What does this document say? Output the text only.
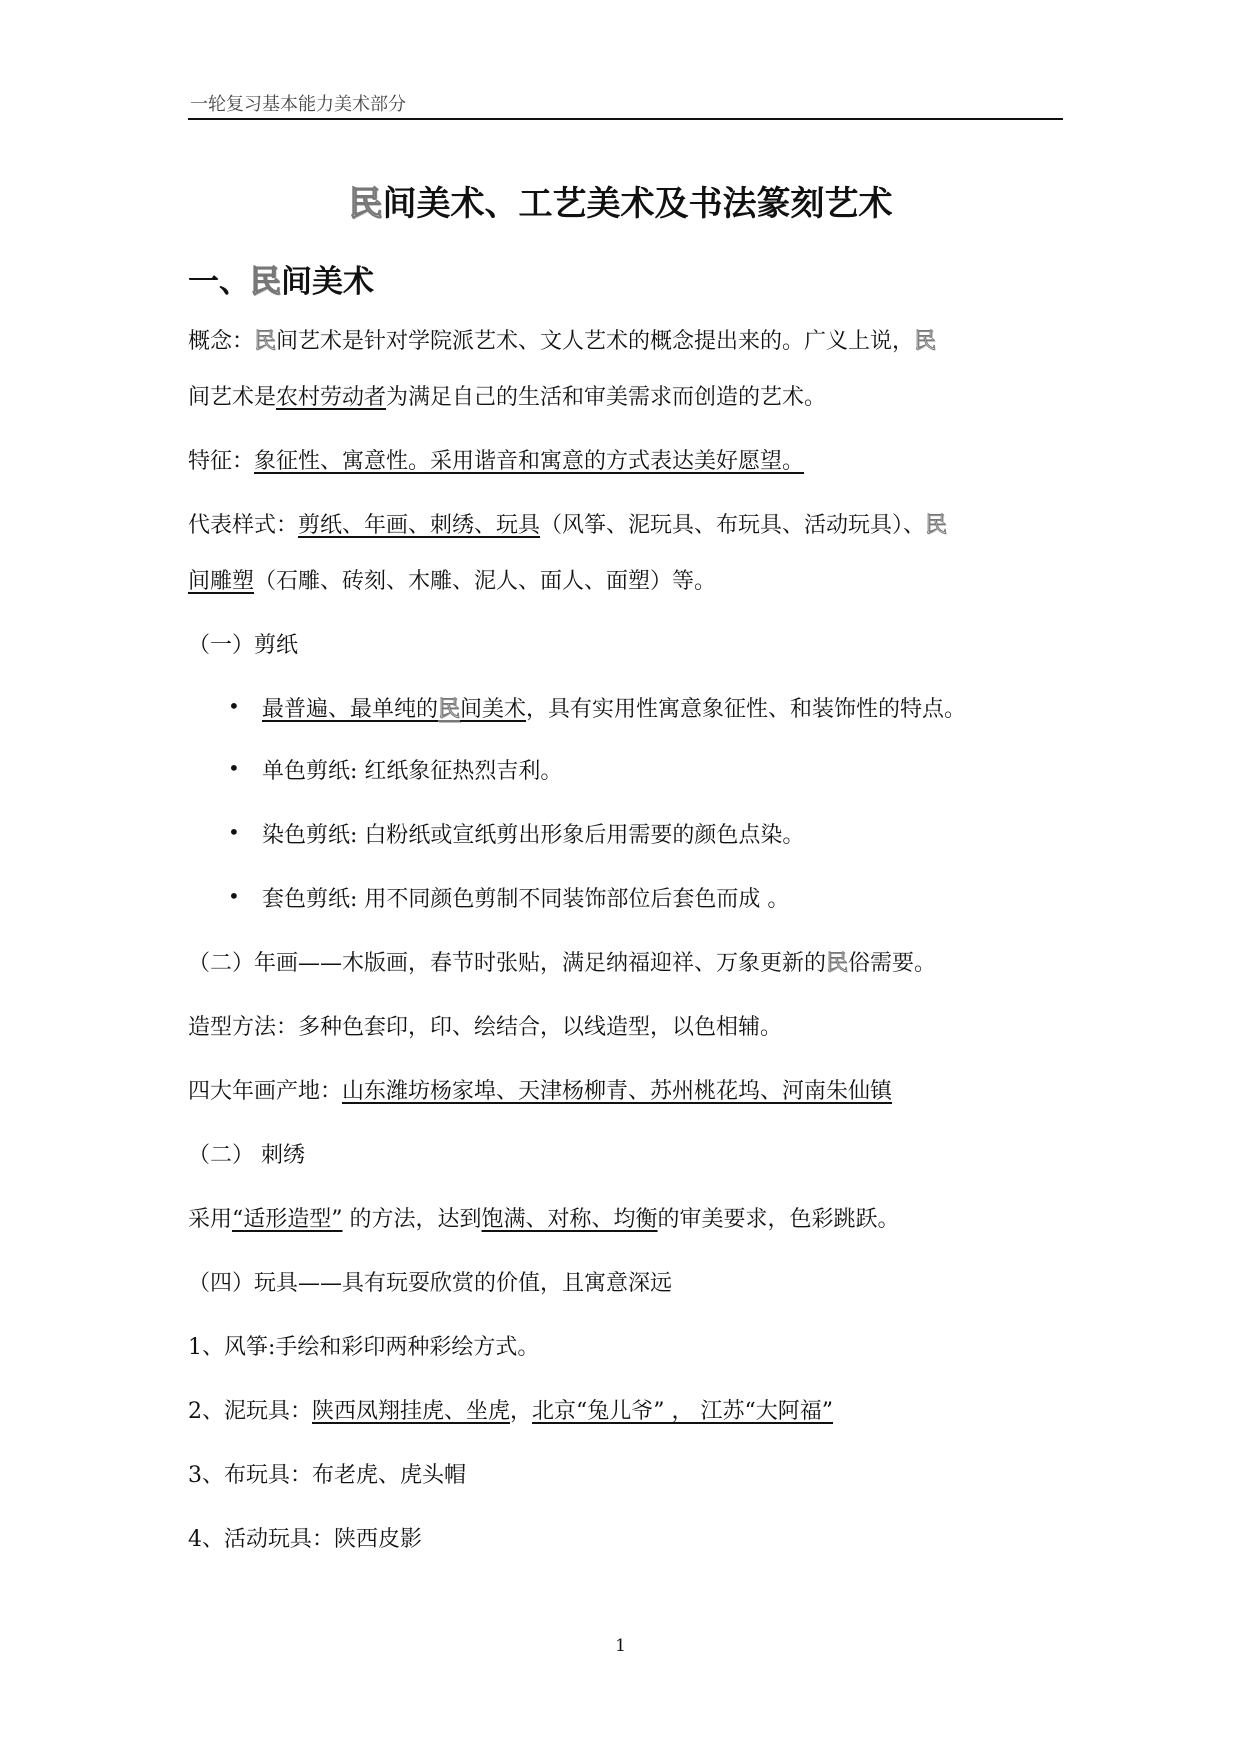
一轮复习基本能力美术部分
民间美术、工艺美术及书法篆刻艺术
一、民间美术
概念：民间艺术是针对学院派艺术、文人艺术的概念提出来的。广义上说，民
间艺术是农村劳动者为满足自己的生活和审美需求而创造的艺术。
特征：象征性、寓意性。采用谐音和寓意的方式表达美好愿望。
代表样式：剪纸、年画、刺绣、玩具（风筝、泥玩具、布玩具、活动玩具）、民
间雕塑（石雕、砖刻、木雕、泥人、面人、面塑）等。
（一）剪纸
• 最普遍、最单纯的民间美术，具有实用性寓意象征性、和装饰性的特点。
• 单色剪纸: 红纸象征热烈吉利。
• 染色剪纸: 白粉纸或宣纸剪出形象后用需要的颜色点染。
• 套色剪纸: 用不同颜色剪制不同装饰部位后套色而成 。
（二）年画——木版画，春节时张贴，满足纳福迎祥、万象更新的民俗需要。
造型方法：多种色套印，印、绘结合，以线造型，以色相辅。
四大年画产地：山东潍坊杨家埠、天津杨柳青、苏州桃花坞、河南朱仙镇
（二） 刺绣
采用“适形造型” 的方法，达到饱满、对称、均衡的审美要求，色彩跳跃。
（四）玩具——具有玩耍欣赏的价值，且寓意深远
1、风筝:手绘和彩印两种彩绘方式。
2、泥玩具：陕西凤翔挂虎、坐虎，北京“兔儿爷” ， 江苏“大阿福”
3、布玩具：布老虎、虎头帽
4、活动玩具：陕西皮影
1
